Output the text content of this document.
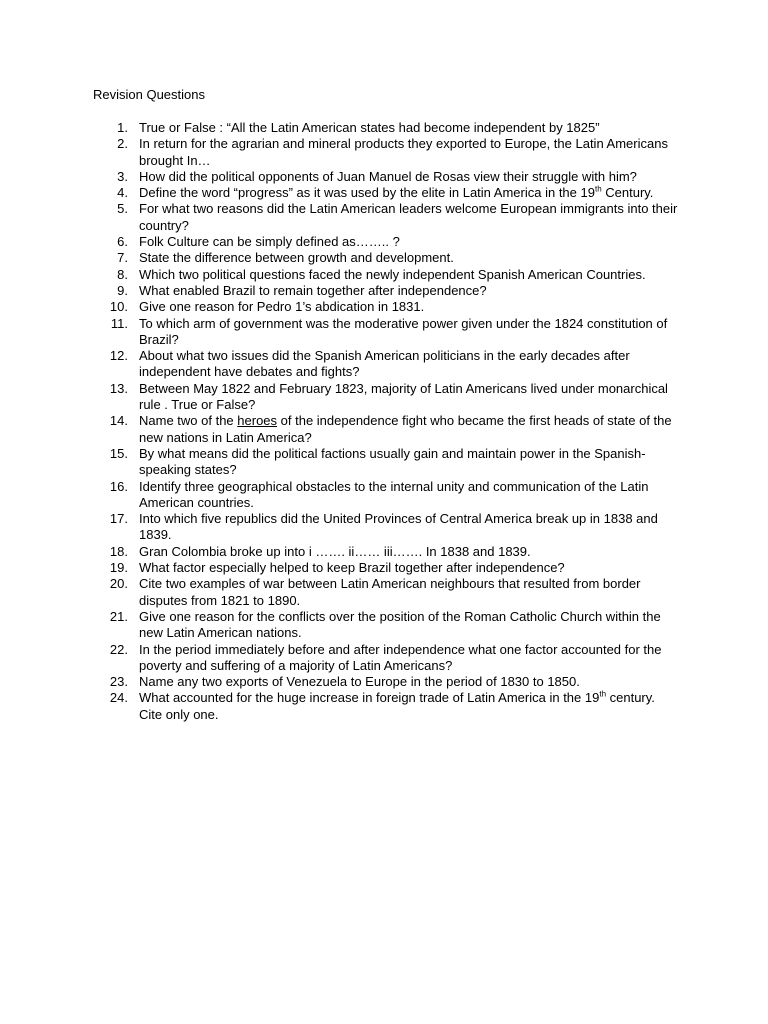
Revision Questions
1. True or False : “All the Latin American states had become independent by 1825”
2. In return for the agrarian and mineral products they exported to Europe, the Latin Americans brought In…
3. How did the political opponents of Juan Manuel de Rosas view their struggle with him?
4. Define the word “progress” as it was used by the elite in Latin America in the 19th Century.
5. For what two reasons did the Latin American leaders welcome European immigrants into their country?
6. Folk Culture can be simply defined as…….. ?
7. State the difference between growth and development.
8. Which two political questions faced the newly independent Spanish American Countries.
9. What enabled Brazil to remain together after independence?
10. Give one reason for Pedro 1’s abdication in 1831.
11. To which arm of government was the moderative power given under the 1824 constitution of Brazil?
12. About what two issues did the Spanish American politicians in the early decades after independent have debates and fights?
13. Between May 1822 and February 1823, majority of Latin Americans lived under monarchical rule . True or False?
14. Name two of the heroes of the independence fight who became the first heads of state of the new nations in Latin America?
15. By what means did the political factions usually gain and maintain power in the Spanish-speaking states?
16. Identify three geographical obstacles to the internal unity and communication of the Latin American countries.
17. Into which five republics did the United Provinces of Central America break up in 1838 and 1839.
18. Gran Colombia broke up into i ……. ii…… iii……. In 1838 and 1839.
19. What factor especially helped to keep Brazil together after independence?
20. Cite two examples of war between Latin American neighbours that resulted from border disputes from 1821 to 1890.
21. Give one reason for the conflicts over the position of the Roman Catholic Church within the new Latin American nations.
22. In the period immediately before and after independence what one factor accounted for the poverty and suffering of a majority of Latin Americans?
23. Name any two exports of Venezuela to Europe in the period of 1830 to 1850.
24. What accounted for the huge increase in foreign trade of Latin America in the 19th century. Cite only one.
